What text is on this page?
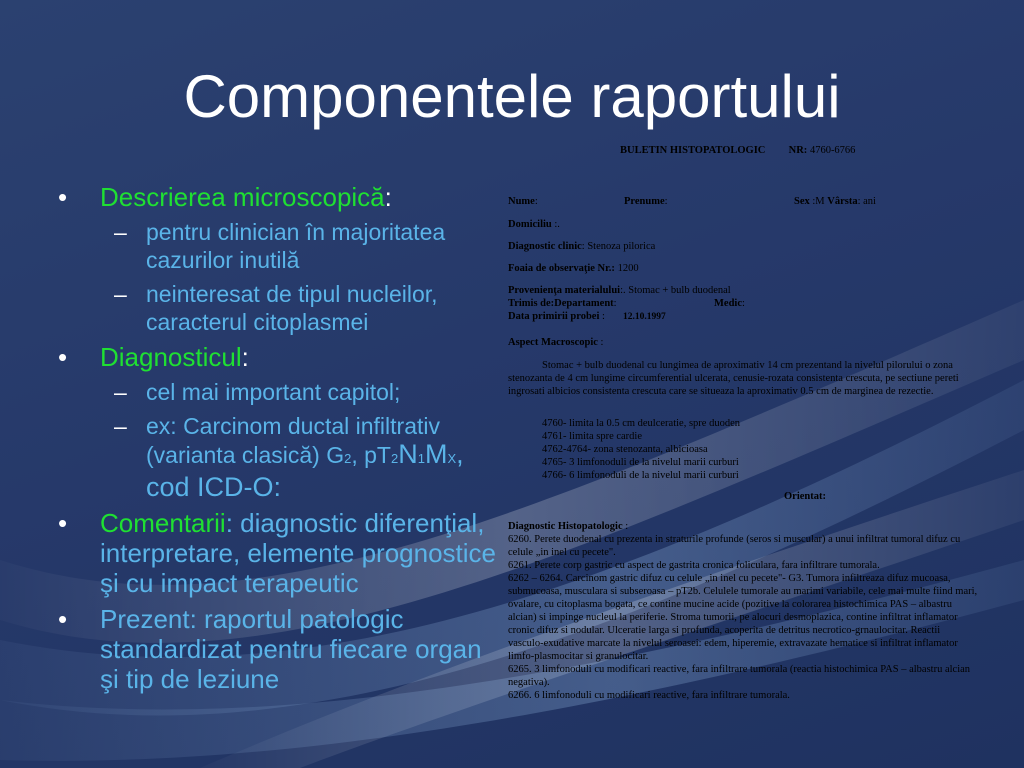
Componentele raportului
• Descrierea microscopică:
– pentru clinician în majoritatea cazurilor inutilă
– neinteresat de tipul nucleilor, caracterul citoplasmei
• Diagnosticul:
– cel mai important capitol;
– ex: Carcinom ductal infiltrativ (varianta clasică) G2, pT2N1MX, cod ICD-O:
• Comentarii: diagnostic diferenţial, interpretare, elemente prognostice şi cu impact terapeutic
• Prezent: raportul patologic standardizat pentru fiecare organ şi tip de leziune
BULETIN HISTOPATOLOGIC NR: 4760-6766
Nume:	Prenume:	Sex :M Vârsta: ani
Domiciliu :.
Diagnostic clinic: Stenoza pilorica
Foaia de observaţie Nr.: 1200
Provenienţa materialului:. Stomac + bulb duodenal
Trimis de:Departament:	Medic:
Data primirii probei : 12.10.1997
Aspect Macroscopic :
Stomac + bulb duodenal cu lungimea de aproximativ 14 cm prezentand la nivelul pilorului o zona stenozanta de 4 cm lungime circumferential ulcerata, cenusie-rozata consistenta crescuta, pe sectiune pereti ingrosati albicios consistenta crescuta care se situeaza la aproximativ 0.5 cm de marginea de rezectie.
4760- limita la 0.5 cm deulceratie, spre duoden
4761- limita spre cardie
4762-4764- zona stenozanta, albicioasa
4765- 3 limfonoduli de la nivelul marii curburi
4766- 6 limfonoduli de la nivelul marii curburi
Orientat:
Diagnostic Histopatologic :
6260. Perete duodenal cu prezenta in straturile profunde (seros si muscular) a unui infiltrat tumoral difuz cu celule „in inel cu pecete".
6261. Perete corp gastric cu aspect de gastrita cronica foliculara, fara infiltrare tumorala.
6262 – 6264. Carcinom gastric difuz cu celule „in inel cu pecete"- G3. Tumora infiltreaza difuz mucoasa, submucoasa, musculara si subseroasa – pT2b. Celulele tumorale au marimi variabile, cele mai multe fiind mari, ovalare, cu citoplasma bogata, ce contine mucine acide (pozitive la colorarea histochimica PAS – albastru alcian) si impinge nucleul la periferie. Stroma tumorii, pe alocuri desmoplazica, contine infiltrat inflamator cronic difuz si nodular. Ulceratie larga si profunda, acoperita de detritus necrotico-grnaulocitar. Reactii vasculo-exudative marcate la nivelul seroasei: edem, hiperemie, extravazate hematice si infiltrat inflamator limfo-plasmocitar si granulocitar.
6265. 3 limfonoduli cu modificari reactive, fara infiltrare tumorala (reactia histochimica PAS – albastru alcian negativa).
6266. 6 limfonoduli cu modificari reactive, fara infiltrare tumorala.
